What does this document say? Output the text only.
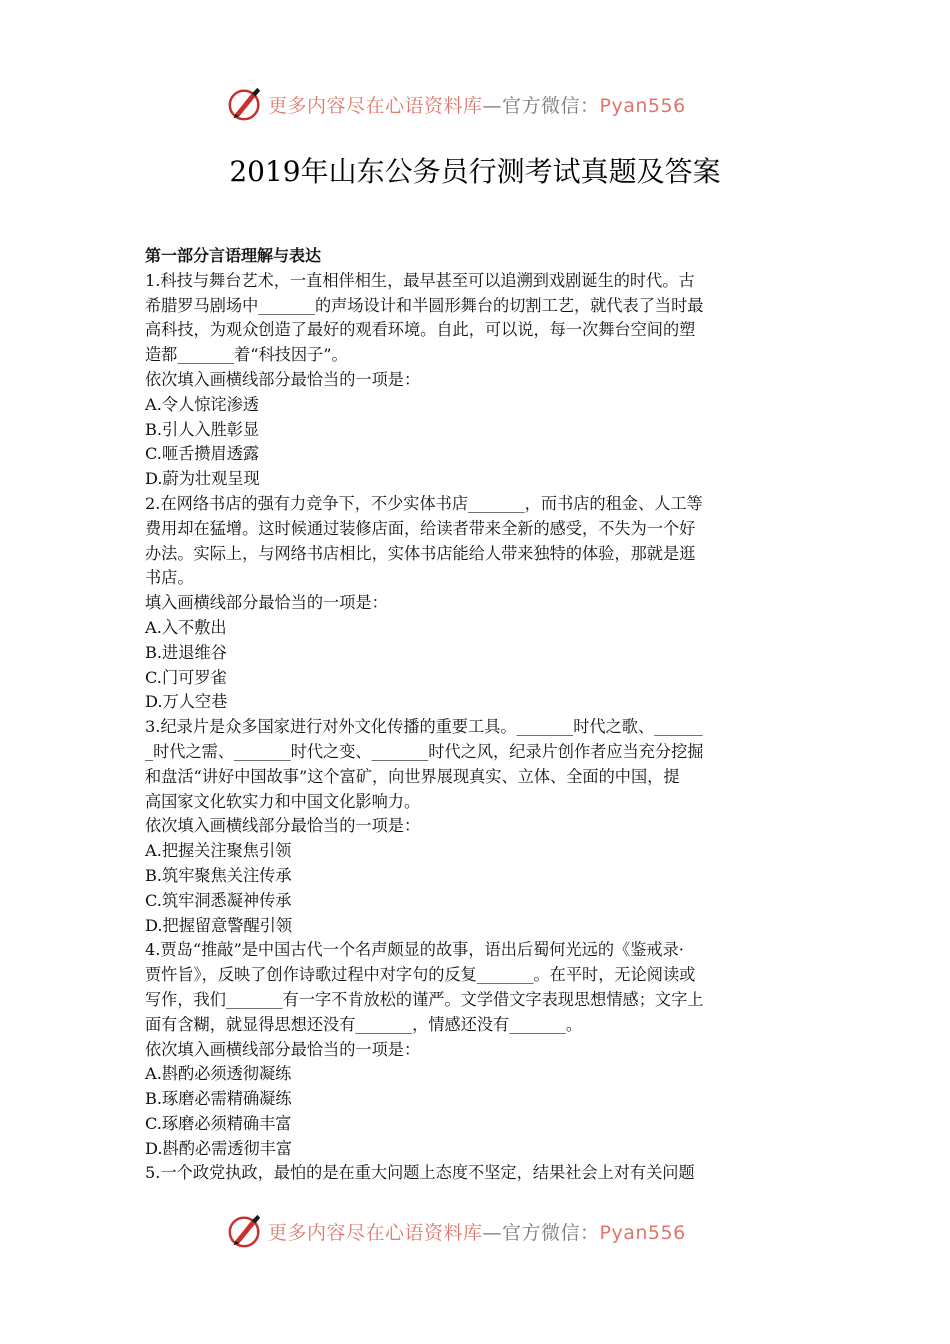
更多内容尽在心语资料库—官方微信：Pyan556
2019年山东公务员行测考试真题及答案

第一部分言语理解与表达

1.科技与舞台艺术，一直相伴相生，最早甚至可以追溯到戏剧诞生的时代。古

希腊罗马剧场中_______的声场设计和半圆形舞台的切割工艺，就代表了当时最

高科技，为观众创造了最好的观看环境。自此，可以说，每一次舞台空间的塑

造都_______着“科技因子”。

依次填入画横线部分最恰当的一项是：

A.令人惊诧渗透

B.引人入胜彰显

C.咂舌攒眉透露

D.蔚为壮观呈现

2.在网络书店的强有力竞争下，不少实体书店_______，而书店的租金、人工等

费用却在猛增。这时候通过装修店面，给读者带来全新的感受，不失为一个好

办法。实际上，与网络书店相比，实体书店能给人带来独特的体验，那就是逛

书店。

填入画横线部分最恰当的一项是：

A.入不敷出

B.进退维谷

C.门可罗雀

D.万人空巷

3.纪录片是众多国家进行对外文化传播的重要工具。_______时代之歌、______

_时代之需、_______时代之变、_______时代之风，纪录片创作者应当充分挖掘

和盘活“讲好中国故事”这个富矿，向世界展现真实、立体、全面的中国，提

高国家文化软实力和中国文化影响力。

依次填入画横线部分最恰当的一项是：

A.把握关注聚焦引领

B.筑牢聚焦关注传承

C.筑牢洞悉凝神传承

D.把握留意警醒引领

4.贾岛“推敲”是中国古代一个名声颇显的故事，语出后蜀何光远的《鉴戒录·

贾忤旨》，反映了创作诗歌过程中对字句的反复_______。在平时，无论阅读或

写作，我们_______有一字不肯放松的谨严。文学借文字表现思想情感；文字上

面有含糊，就显得思想还没有_______，情感还没有_______。

依次填入画横线部分最恰当的一项是：

A.斟酌必须透彻凝练

B.琢磨必需精确凝练

C.琢磨必须精确丰富

D.斟酌必需透彻丰富

5.一个政党执政，最怕的是在重大问题上态度不坚定，结果社会上对有关问题

更多内容尽在心语资料库—官方微信：Pyan556
